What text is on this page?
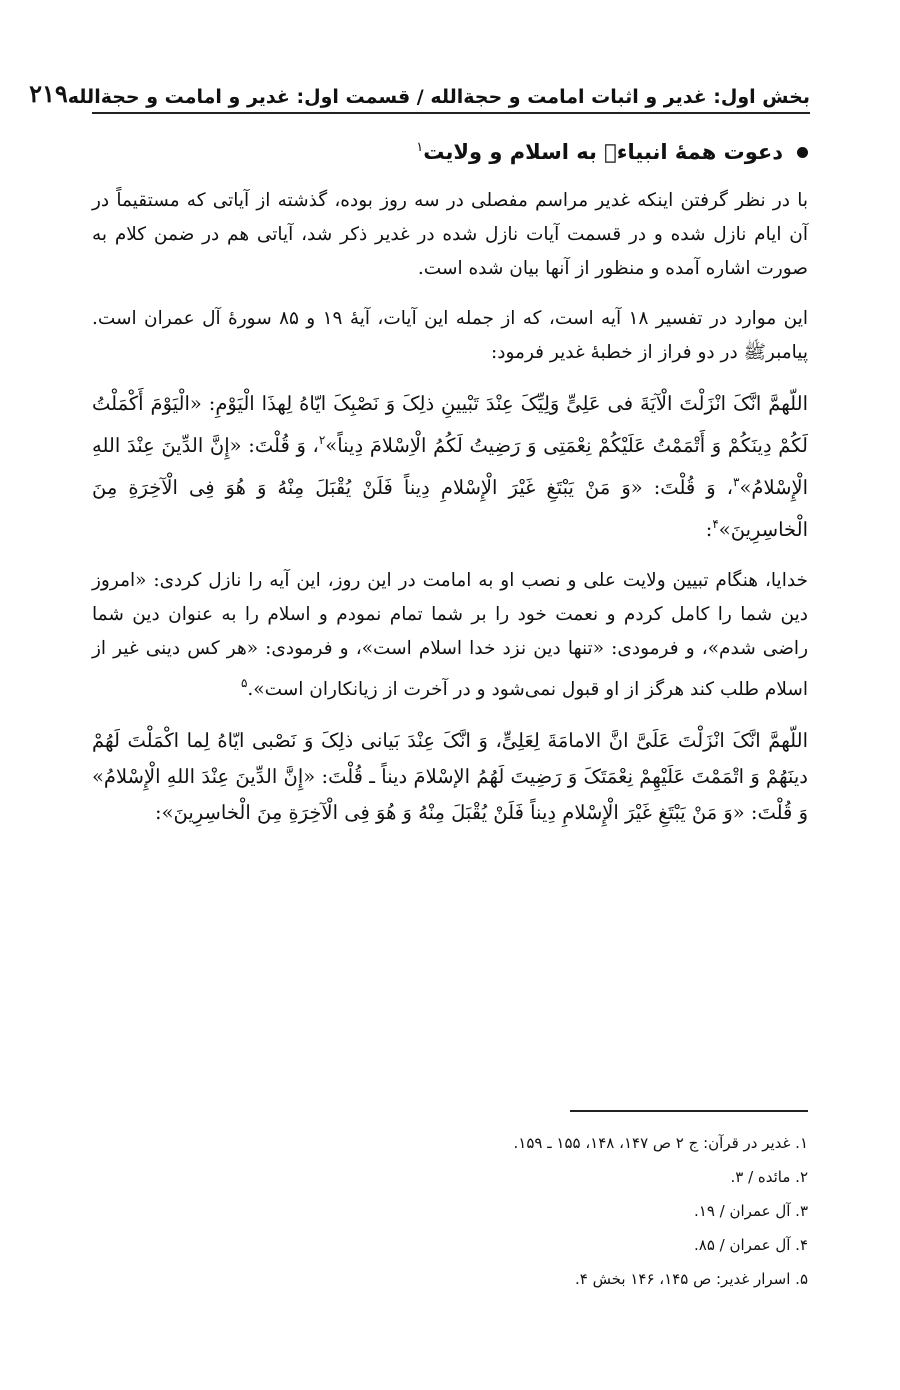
بخش اول: غدیر و اثبات امامت و حجةالله / قسمت اول: غدیر و امامت و حجةالله
۲۱۹
دعوت همهٔ انبیاء﷩ به اسلام و ولایت$^۱$

با در نظر گرفتن اینکه غدیر مراسم مفصلی در سه روز بوده، گذشته از آیاتی که مستقیماً در آن ایام نازل شده و در قسمت آیات نازل شده در غدیر ذکر شد، آیاتی هم در ضمن کلام به صورت اشاره آمده و منظور از آنها بیان شده است.

این موارد در تفسیر ۱۸ آیه است، که از جمله این آیات، آیهٔ ۱۹ و ۸۵ سورهٔ آل عمران است. پیامبرﷺ در دو فراز از خطبهٔ غدیر فرمود:

اللّهمَّ انَّکَ انْزَلْتَ الْآیَةَ فی عَلِیٍّ وَلِیِّکَ عِنْدَ تَبْیینِ ذلِکَ وَ نَصْبِکَ ایّاهُ لِهذَا الْیَوْمِ: «الْیَوْمَ أَکْمَلْتُ لَکُمْ دِینَکُمْ وَ أَتْمَمْتُ عَلَیْکُمْ نِعْمَتِی وَ رَضِیتُ لَکُمُ الْاِسْلامَ دِیناً»$^۲$، وَ قُلْتَ: «إِنَّ الدِّینَ عِنْدَ اللهِ الْإِسْلامُ»$^۳$، وَ قُلْتَ: «وَ مَنْ یَبْتَغِ غَیْرَ الْإِسْلامِ دِیناً فَلَنْ یُقْبَلَ مِنْهُ وَ هُوَ فِی الْآخِرَةِ مِنَ الْخاسِرِینَ»$^۴$:

خدایا، هنگام تبیین ولایت علی و نصب او به امامت در این روز، این آیه را نازل کردی: «امروز دین شما را کامل کردم و نعمت خود را بر شما تمام نمودم و اسلام را به عنوان دین شما راضی شدم»، و فرمودی: «تنها دین نزد خدا اسلام است»، و فرمودی: «هر کس دینی غیر از اسلام طلب کند هرگز از او قبول نمی‌شود و در آخرت از زیانکاران است».$^۵$

اللّهمَّ انَّکَ انْزَلْتَ عَلَیَّ انَّ الامامَةَ لِعَلِیٍّ، وَ انَّکَ عِنْدَ بَیانی ذلِکَ وَ نَصْبی ایّاهُ لِما اکْمَلْتَ لَهُمْ دینَهُمْ وَ اتْمَمْتَ عَلَیْهِمْ نِعْمَتَکَ وَ رَضِیتَ لَهُمُ الإسْلامَ دیناً ـ قُلْتَ: «إِنَّ الدِّینَ عِنْدَ اللهِ الْإِسْلامُ» وَ قُلْتَ: «وَ مَنْ یَبْتَغِ غَیْرَ الْإِسْلامِ دِیناً فَلَنْ یُقْبَلَ مِنْهُ وَ هُوَ فِی الْآخِرَةِ مِنَ الْخاسِرِینَ»:

۱. غدیر در قرآن: ج ۲ ص ۱۴۷، ۱۴۸، ۱۵۵ ـ ۱۵۹.
۲. مائده / ۳.
۳. آل عمران / ۱۹.
۴. آل عمران / ۸۵.
۵. اسرار غدیر: ص ۱۴۵، ۱۴۶ بخش ۴.
